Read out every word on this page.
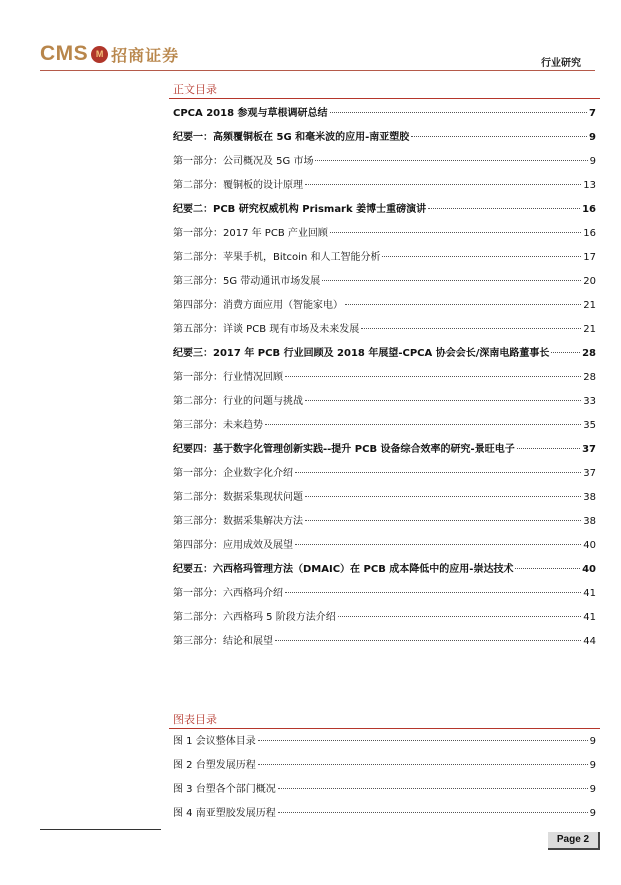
CMS M 招商证券	行业研究
正文目录
CPCA 2018 参观与草根调研总结	7
纪要一：高频覆铜板在 5G 和毫米波的应用-南亚塑胶	9
第一部分：公司概况及 5G 市场	9
第二部分：覆铜板的设计原理	13
纪要二：PCB 研究权威机构 Prismark 姜博士重磅演讲	16
第一部分：2017 年 PCB 产业回顾	16
第二部分：苹果手机，Bitcoin 和人工智能分析	17
第三部分：5G 带动通讯市场发展	20
第四部分：消费方面应用（智能家电）	21
第五部分：详谈 PCB 现有市场及未来发展	21
纪要三：2017 年 PCB 行业回顾及 2018 年展望-CPCA 协会会长/深南电路董事长	28
第一部分：行业情况回顾	28
第二部分：行业的问题与挑战	33
第三部分：未来趋势	35
纪要四：基于数字化管理创新实践--提升 PCB 设备综合效率的研究-景旺电子	37
第一部分：企业数字化介绍	37
第二部分：数据采集现状问题	38
第三部分：数据采集解决方法	38
第四部分：应用成效及展望	40
纪要五：六西格玛管理方法（DMAIC）在 PCB 成本降低中的应用-崇达技术	40
第一部分：六西格玛介绍	41
第二部分：六西格玛 5 阶段方法介绍	41
第三部分：结论和展望	44
图表目录
图 1 会议整体目录	9
图 2 台塑发展历程	9
图 3 台塑各个部门概况	9
图 4 南亚塑胶发展历程	9
Page 2
